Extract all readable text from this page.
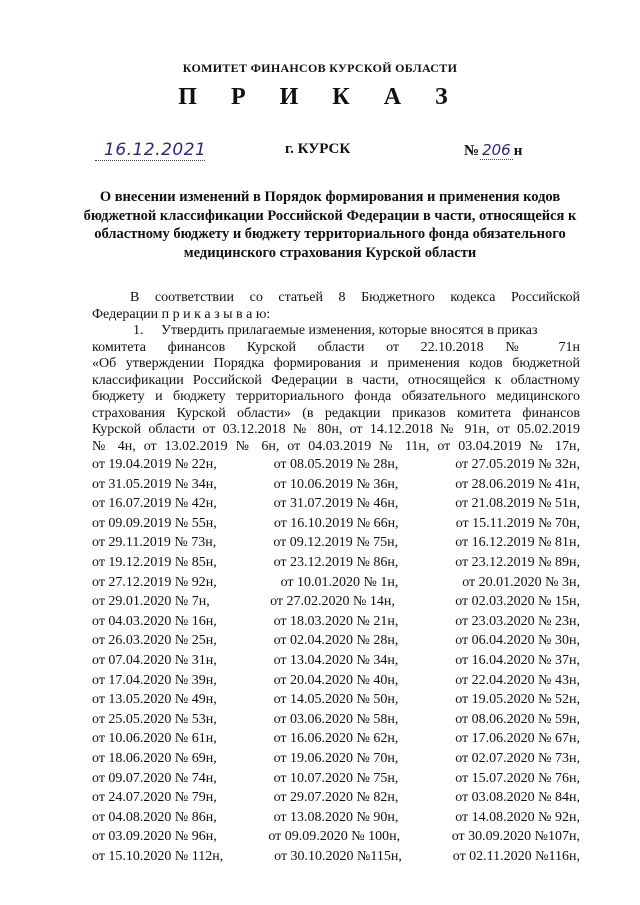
КОМИТЕТ ФИНАНСОВ КУРСКОЙ ОБЛАСТИ
П Р И К А З
16.12.2021	г. КУРСК	№ 206 н
О внесении изменений в Порядок формирования и применения кодов бюджетной классификации Российской Федерации в части, относящейся к областному бюджету и бюджету территориального фонда обязательного медицинского страхования Курской области

В соответствии со статьей 8 Бюджетного кодекса Российской

Федерации п р и к а з ы в а ю:

1. Утвердить прилагаемые изменения, которые вносятся в приказ

комитета финансов Курской области от 22.10.2018 № 71н

«Об утверждении Порядка формирования и применения кодов бюджетной

классификации Российской Федерации в части, относящейся к областному

бюджету и бюджету территориального фонда обязательного медицинского

страхования Курской области» (в редакции приказов комитета финансов

Курской области от 03.12.2018 № 80н, от 14.12.2018 № 91н, от 05.02.2019

№ 4н, от 13.02.2019 № 6н, от 04.03.2019 № 11н, от 03.04.2019 № 17н,

от 19.04.2019 № 22н,	от 08.05.2019 № 28н,	от 27.05.2019 № 32н,
от 31.05.2019 № 34н,	от 10.06.2019 № 36н,	от 28.06.2019 № 41н,
от 16.07.2019 № 42н,	от 31.07.2019 № 46н,	от 21.08.2019 № 51н,
от 09.09.2019 № 55н,	от 16.10.2019 № 66н,	от 15.11.2019 № 70н,
от 29.11.2019 № 73н,	от 09.12.2019 № 75н,	от 16.12.2019 № 81н,
от 19.12.2019 № 85н,	от 23.12.2019 № 86н,	от 23.12.2019 № 89н,
от 27.12.2019 № 92н,	от 10.01.2020 № 1н,	от 20.01.2020 № 3н,
от 29.01.2020 № 7н,	от 27.02.2020 № 14н,	от 02.03.2020 № 15н,
от 04.03.2020 № 16н,	от 18.03.2020 № 21н,	от 23.03.2020 № 23н,
от 26.03.2020 № 25н,	от 02.04.2020 № 28н,	от 06.04.2020 № 30н,
от 07.04.2020 № 31н,	от 13.04.2020 № 34н,	от 16.04.2020 № 37н,
от 17.04.2020 № 39н,	от 20.04.2020 № 40н,	от 22.04.2020 № 43н,
от 13.05.2020 № 49н,	от 14.05.2020 № 50н,	от 19.05.2020 № 52н,
от 25.05.2020 № 53н,	от 03.06.2020 № 58н,	от 08.06.2020 № 59н,
от 10.06.2020 № 61н,	от 16.06.2020 № 62н,	от 17.06.2020 № 67н,
от 18.06.2020 № 69н,	от 19.06.2020 № 70н,	от 02.07.2020 № 73н,
от 09.07.2020 № 74н,	от 10.07.2020 № 75н,	от 15.07.2020 № 76н,
от 24.07.2020 № 79н,	от 29.07.2020 № 82н,	от 03.08.2020 № 84н,
от 04.08.2020 № 86н,	от 13.08.2020 № 90н,	от 14.08.2020 № 92н,
от 03.09.2020 № 96н,	от 09.09.2020 № 100н,	от 30.09.2020 №107н,
от 15.10.2020 № 112н,	от 30.10.2020 №115н,	от 02.11.2020 №116н,
